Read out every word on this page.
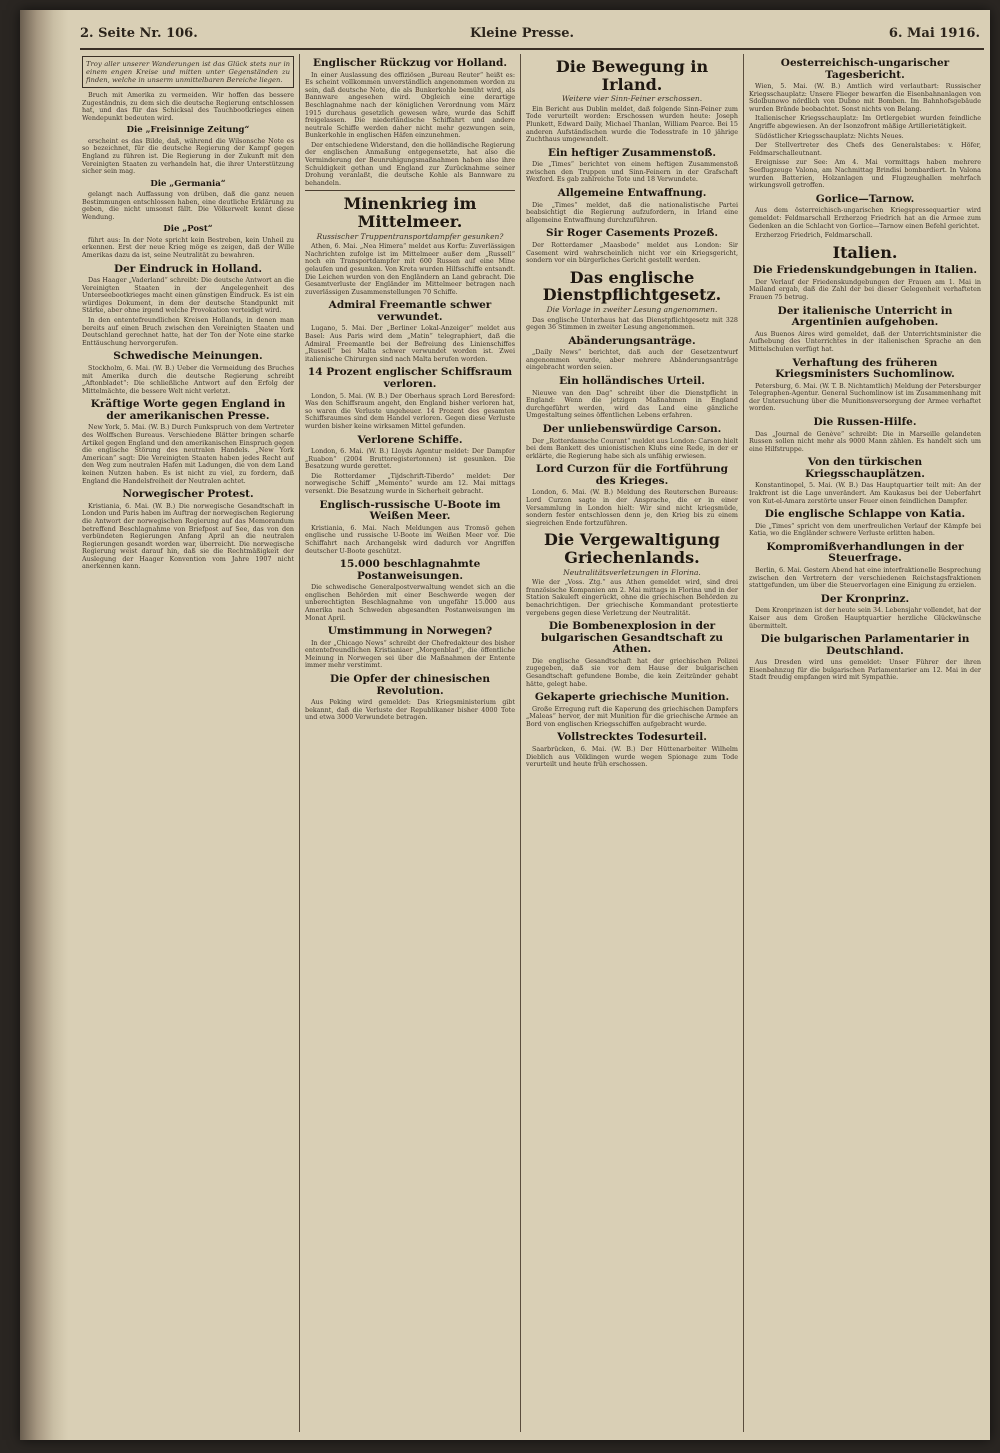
2. Seite Nr. 106.	Kleine Presse.	6. Mai 1916.
Troy aller unserer Wanderungen ist das Glück stets nur in einem engen Kreise und mitten unter Gegenständen zu finden, welche in unserm unmittelbaren Bereiche liegen.

Bruch mit Amerika zu vermeiden. Wir hoffen das bessere Zugeständnis, zu dem sich die deutsche Regierung entschlossen hat, und das für das Schicksal des Tauchbootkrieges einen Wendepunkt bedeuten wird.

Die „Freisinnige Zeitung“

erscheint es das Bilde, daß, während die Wilsonsche Note es so bezeichnet, für die deutsche Regierung der Kampf gegen England zu führen ist. Die Regierung in der Zukunft mit den Vereinigten Staaten zu verhandeln hat, die ihrer Unterstützung sicher sein mag.

Die „Germania“

gelangt nach Auffassung von drüben, daß die ganz neuen Bestimmungen entschlossen haben, eine deutliche Erklärung zu geben, die nicht umsonst fällt. Die Völkerwelt kennt diese Wendung.

Die „Post“

führt aus: In der Note spricht kein Bestreben, kein Unheil zu erkennen. Erst der neue Krieg möge es zeigen, daß der Wille Amerikas dazu da ist, seine Neutralität zu bewahren.

Der Eindruck in Holland.

Das Haager „Vaderland“ schreibt: Die deutsche Antwort an die Vereinigten Staaten in der Angelegenheit des Unterseebootkrieges macht einen günstigen Eindruck. Es ist ein würdiges Dokument, in dem der deutsche Standpunkt mit Stärke, aber ohne irgend welche Provokation verteidigt wird.

In den ententefreundlichen Kreisen Hollands, in denen man bereits auf einen Bruch zwischen den Vereinigten Staaten und Deutschland gerechnet hatte, hat der Ton der Note eine starke Enttäuschung hervorgerufen.

Schwedische Meinungen.

Stockholm, 6. Mai. (W. B.) Ueber die Vermeidung des Bruches mit Amerika durch die deutsche Regierung schreibt „Aftonbladet“: Die schließliche Antwort auf den Erfolg der Mittelmächte, die bessere Welt nicht verletzt.

Kräftige Worte gegen England in der amerikanischen Presse.

New York, 5. Mai. (W. B.) Durch Funkspruch von dem Vertreter des Wolffschen Bureaus. Verschiedene Blätter bringen scharfe Artikel gegen England und den amerikanischen Einspruch gegen die englische Störung des neutralen Handels. „New York American“ sagt: Die Vereinigten Staaten haben jedes Recht auf den Weg zum neutralen Hafen mit Ladungen, die von dem Land keinen Nutzen haben. Es ist nicht zu viel, zu fordern, daß England die Handelsfreiheit der Neutralen achtet.

Norwegischer Protest.

Kristiania, 6. Mai. (W. B.) Die norwegische Gesandtschaft in London und Paris haben im Auftrag der norwegischen Regierung die Antwort der norwegischen Regierung auf das Memorandum betreffend Beschlagnahme von Briefpost auf See, das von den verbündeten Regierungen Anfang April an die neutralen Regierungen gesandt worden war, überreicht. Die norwegische Regierung weist darauf hin, daß sie die Rechtmäßigkeit der Auslegung der Haager Konvention vom Jahre 1907 nicht anerkennen kann.

Englischer Rückzug vor Holland.

In einer Auslassung des offiziösen „Bureau Reuter“ heißt es: Es scheint vollkommen unverständlich angenommen worden zu sein, daß deutsche Note, die als Bunkerkohle bemüht wird, als Bannware angesehen wird. Obgleich eine derartige Beschlagnahme nach der königlichen Verordnung vom März 1915 durchaus gesetzlich gewesen wäre, wurde das Schiff freigelassen. Die niederländische Schiffahrt und andere neutrale Schiffe werden daher nicht mehr gezwungen sein, Bunkerkohle in englischen Häfen einzunehmen.

Der entschiedene Widerstand, den die holländische Regierung der englischen Anmaßung entgegensetzte, hat also die Verminderung der Beunruhigungsmaßnahmen haben also ihre Schuldigkeit gethan und England zur Zurücknahme seiner Drohung veranlaßt, die deutsche Kohle als Bannware zu behandeln.

Minenkrieg im Mittelmeer.
Russischer Truppentransportdampfer gesunken?

Athen, 6. Mai. „Nea Himera“ meldet aus Korfu: Zuverlässigen Nachrichten zufolge ist im Mittelmeer außer dem „Russell“ noch ein Transportdampfer mit 600 Russen auf eine Mine gelaufen und gesunken. Von Kreta wurden Hilfsschiffe entsandt. Die Leichen wurden von den Engländern an Land gebracht. Die Gesamtverluste der Engländer im Mittelmeer betragen nach zuverlässigen Zusammenstellungen 70 Schiffe.

Admiral Freemantle schwer verwundet.

Lugano, 5. Mai. Der „Berliner Lokal-Anzeiger“ meldet aus Basel: Aus Paris wird dem „Matin“ telegraphiert, daß die Admiral Freemantle bei der Befreiung des Linienschiffes „Russell“ bei Malta schwer verwundet worden ist. Zwei italienische Chirurgen sind nach Malta berufen worden.

14 Prozent englischer Schiffsraum verloren.

London, 5. Mai. (W. B.) Der Oberhaus sprach Lord Beresford: Was den Schiffsraum angeht, den England bisher verloren hat, so waren die Verluste ungeheuer. 14 Prozent des gesamten Schiffsraumes sind dem Handel verloren. Gegen diese Verluste wurden bisher keine wirksamen Mittel gefunden.

Verlorene Schiffe.

London, 6. Mai. (W. B.) Lloyds Agentur meldet: Der Dampfer „Ruabon“ (2004 Bruttoregistertonnen) ist gesunken. Die Besatzung wurde gerettet.

Die Rotterdamer „Tijdschrift-Tiberdo“ meldet: Der norwegische Schiff „Memento“ wurde am 12. Mai mittags versenkt. Die Besatzung wurde in Sicherheit gebracht.

Englisch-russische U-Boote im Weißen Meer.

Kristiania, 6. Mai. Nach Meldungen aus Tromsö gehen englische und russische U-Boote im Weißen Meer vor. Die Schiffahrt nach Archangelsk wird dadurch vor Angriffen deutscher U-Boote geschützt.

15.000 beschlagnahmte Postanweisungen.

Die schwedische Generalpostverwaltung wendet sich an die englischen Behörden mit einer Beschwerde wegen der unberechtigten Beschlagnahme von ungefähr 15.000 aus Amerika nach Schweden abgesandten Postanweisungen im Monat April.

Umstimmung in Norwegen?

In der „Chicago News“ schreibt der Chefredakteur des bisher ententefreundlichen Kristianiaer „Morgenblad“, die öffentliche Meinung in Norwegen sei über die Maßnahmen der Entente immer mehr verstimmt.

Die Opfer der chinesischen Revolution.

Aus Peking wird gemeldet: Das Kriegsministerium gibt bekannt, daß die Verluste der Republikaner bisher 4000 Tote und etwa 3000 Verwundete betragen.

Die Bewegung in Irland.
Weitere vier Sinn-Feiner erschossen.

Ein Bericht aus Dublin meldet, daß folgende Sinn-Feiner zum Tode verurteilt worden: Erschossen wurden heute: Joseph Plunkett, Edward Daily, Michael Thanlan, William Pearce. Bei 15 anderen Aufständischen wurde die Todesstrafe in 10 jährige Zuchthaus umgewandelt.

Ein heftiger Zusammenstoß.

Die „Times“ berichtet von einem heftigen Zusammenstoß zwischen den Truppen und Sinn-Feinern in der Grafschaft Wexford. Es gab zahlreiche Tote und 18 Verwundete.

Allgemeine Entwaffnung.

Die „Times“ meldet, daß die nationalistische Partei beabsichtigt die Regierung aufzufordern, in Irland eine allgemeine Entwaffnung durchzuführen.

Sir Roger Casements Prozeß.

Der Rotterdamer „Maasbode“ meldet aus London: Sir Casement wird wahrscheinlich nicht vor ein Kriegsgericht, sondern vor ein bürgerliches Gericht gestellt werden.

Das englische Dienstpflichtgesetz.
Die Vorlage in zweiter Lesung angenommen.

Das englische Unterhaus hat das Dienstpflichtgesetz mit 328 gegen 36 Stimmen in zweiter Lesung angenommen.

Abänderungsanträge.

„Daily News“ berichtet, daß auch der Gesetzentwurf angenommen wurde, aber mehrere Abänderungsanträge eingebracht worden seien.

Ein holländisches Urteil.

Nieuwe van den Dag“ schreibt über die Dienstpflicht in England: Wenn die jetzigen Maßnahmen in England durchgeführt werden, wird das Land eine gänzliche Umgestaltung seines öffentlichen Lebens erfahren.

Der unliebenswürdige Carson.

Der „Rotterdamsche Courant“ meldet aus London: Carson hielt bei dem Bankett des unionistischen Klubs eine Rede, in der er erklärte, die Regierung habe sich als unfähig erwiesen.

Lord Curzon für die Fortführung des Krieges.

London, 6. Mai. (W. B.) Meldung des Reuterschen Bureaus: Lord Curzon sagte in der Ansprache, die er in einer Versammlung in London hielt: Wir sind nicht kriegsmüde, sondern fester entschlossen denn je, den Krieg bis zu einem siegreichen Ende fortzuführen.

Die Vergewaltigung Griechenlands.
Neutralitätsverletzungen in Florina.

Wie der „Voss. Ztg.“ aus Athen gemeldet wird, sind drei französische Kompanien am 2. Mai mittags in Florina und in der Station Sakuleft eingerückt, ohne die griechischen Behörden zu benachrichtigen. Der griechische Kommandant protestierte vergebens gegen diese Verletzung der Neutralität.

Die Bombenexplosion in der bulgarischen Gesandtschaft zu Athen.

Die englische Gesandtschaft hat der griechischen Polizei zugegeben, daß sie vor dem Hause der bulgarischen Gesandtschaft gefundene Bombe, die kein Zeitzünder gehabt hätte, gelegt habe.

Gekaperte griechische Munition.

Große Erregung ruft die Kaperung des griechischen Dampfers „Maleas“ hervor, der mit Munition für die griechische Armee an Bord von englischen Kriegsschiffen aufgebracht wurde.

Vollstrecktes Todesurteil.

Saarbrücken, 6. Mai. (W. B.) Der Hüttenarbeiter Wilhelm Dieblich aus Völklingen wurde wegen Spionage zum Tode verurteilt und heute früh erschossen.

Oesterreichisch-ungarischer Tagesbericht.

Wien, 5. Mai. (W. B.) Amtlich wird verlautbart: Russischer Kriegsschauplatz: Unsere Flieger bewarfen die Eisenbahnanlagen von Sdolbunowo nördlich von Dubno mit Bomben. Im Bahnhofsgebäude wurden Brände beobachtet. Sonst nichts von Belang.

Italienischer Kriegsschauplatz: Im Ortlergebiet wurden feindliche Angriffe abgewiesen. An der Isonzofront mäßige Artillerietätigkeit.

Südöstlicher Kriegsschauplatz: Nichts Neues.

Der Stellvertreter des Chefs des Generalstabes: v. Höfer, Feldmarschalleutnant.

Ereignisse zur See: Am 4. Mai vormittags haben mehrere Seeflugzeuge Valona, am Nachmittag Brindisi bombardiert. In Valona wurden Batterien, Holzanlagen und Flugzeughallen mehrfach wirkungsvoll getroffen.

Gorlice—Tarnow.

Aus dem österreichisch-ungarischen Kriegspressequartier wird gemeldet: Feldmarschall Erzherzog Friedrich hat an die Armee zum Gedenken an die Schlacht von Gorlice—Tarnow einen Befehl gerichtet.

Erzherzog Friedrich, Feldmarschall.

Italien.
Die Friedenskundgebungen in Italien.

Der Verlauf der Friedenskundgebungen der Frauen am 1. Mai in Mailand ergab, daß die Zahl der bei dieser Gelegenheit verhafteten Frauen 75 betrug.

Der italienische Unterricht in Argentinien aufgehoben.

Aus Buenos Aires wird gemeldet, daß der Unterrichtsminister die Aufhebung des Unterrichtes in der italienischen Sprache an den Mittelschulen verfügt hat.

Verhaftung des früheren Kriegsministers Suchomlinow.

Petersburg, 6. Mai. (W. T. B. Nichtamtlich) Meldung der Petersburger Telegraphen-Agentur. General Suchomlinow ist im Zusammenhang mit der Untersuchung über die Munitionsversorgung der Armee verhaftet worden.

Die Russen-Hilfe.

Das „Journal de Genève“ schreibt: Die in Marseille gelandeten Russen sollen nicht mehr als 9000 Mann zählen. Es handelt sich um eine Hilfstruppe.

Von den türkischen Kriegsschauplätzen.

Konstantinopel, 5. Mai. (W. B.) Das Hauptquartier teilt mit: An der Irakfront ist die Lage unverändert. Am Kaukasus bei der Ueberfahrt von Kut-el-Amara zerstörte unser Feuer einen feindlichen Dampfer.

Die englische Schlappe von Katia.

Die „Times“ spricht von dem unerfreulichen Verlauf der Kämpfe bei Katia, wo die Engländer schwere Verluste erlitten haben.

Kompromißverhandlungen in der Steuerfrage.

Berlin, 6. Mai. Gestern Abend hat eine interfraktionelle Besprechung zwischen den Vertretern der verschiedenen Reichstagsfraktionen stattgefunden, um über die Steuervorlagen eine Einigung zu erzielen.

Der Kronprinz.

Dem Kronprinzen ist der heute sein 34. Lebensjahr vollendet, hat der Kaiser aus dem Großen Hauptquartier herzliche Glückwünsche übermittelt.

Die bulgarischen Parlamentarier in Deutschland.

Aus Dresden wird uns gemeldet: Unser Führer der ihren Eisenbahnzug für die bulgarischen Parlamentarier am 12. Mai in der Stadt freudig empfangen wird mit Sympathie.
